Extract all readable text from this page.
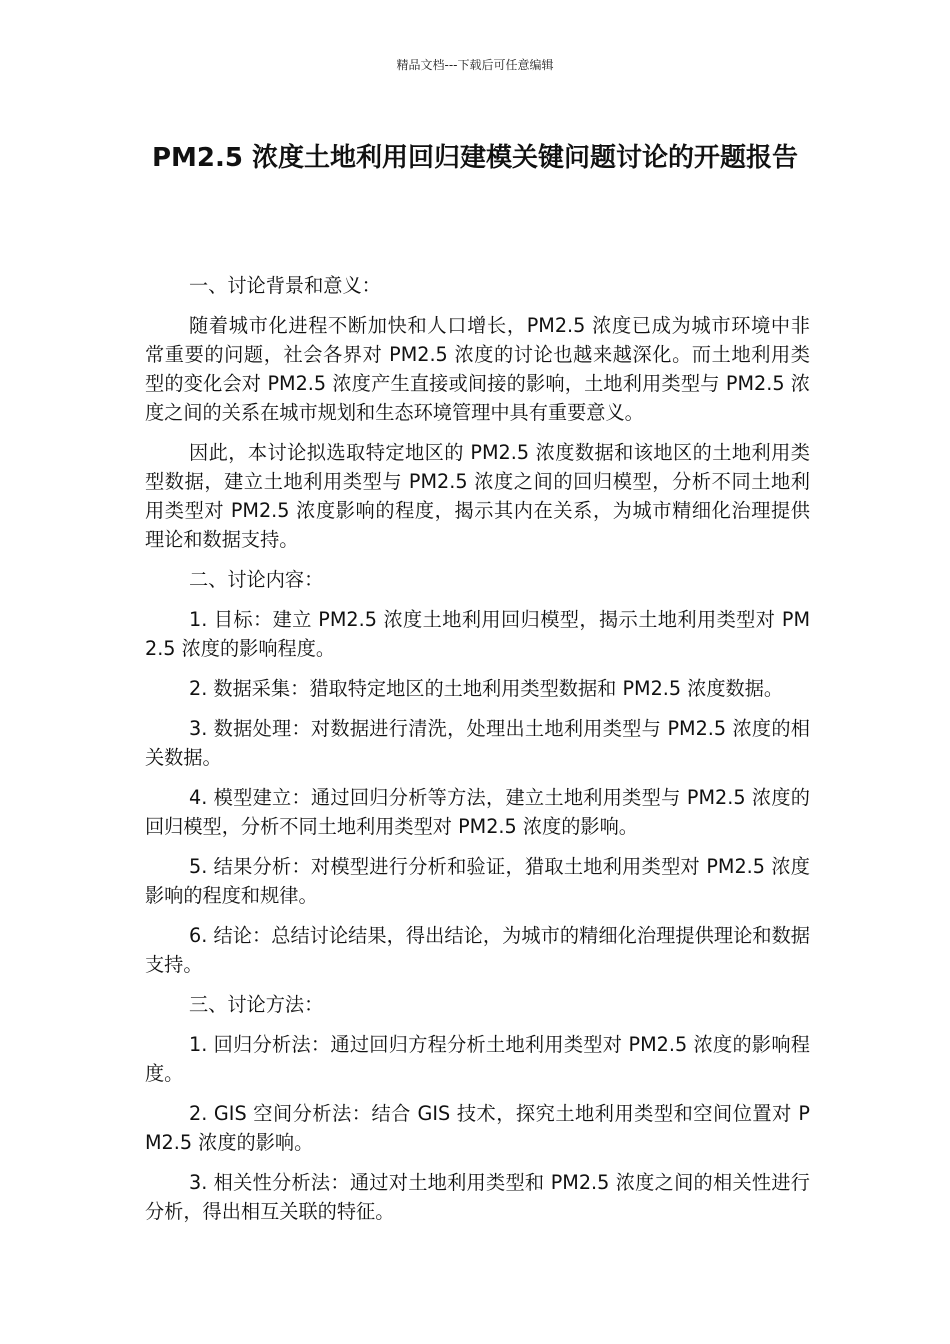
精品文档---下载后可任意编辑
PM2.5 浓度土地利用回归建模关键问题讨论的开题报告

一、讨论背景和意义：

随着城市化进程不断加快和人口增长，PM2.5 浓度已成为城市环境中非常重要的问题，社会各界对 PM2.5 浓度的讨论也越来越深化。而土地利用类型的变化会对 PM2.5 浓度产生直接或间接的影响，土地利用类型与 PM2.5 浓度之间的关系在城市规划和生态环境管理中具有重要意义。

因此，本讨论拟选取特定地区的 PM2.5 浓度数据和该地区的土地利用类型数据，建立土地利用类型与 PM2.5 浓度之间的回归模型，分析不同土地利用类型对 PM2.5 浓度影响的程度，揭示其内在关系，为城市精细化治理提供理论和数据支持。

二、讨论内容：

1. 目标：建立 PM2.5 浓度土地利用回归模型，揭示土地利用类型对 PM2.5 浓度的影响程度。

2. 数据采集：猎取特定地区的土地利用类型数据和 PM2.5 浓度数据。

3. 数据处理：对数据进行清洗，处理出土地利用类型与 PM2.5 浓度的相关数据。

4. 模型建立：通过回归分析等方法，建立土地利用类型与 PM2.5 浓度的回归模型，分析不同土地利用类型对 PM2.5 浓度的影响。

5. 结果分析：对模型进行分析和验证，猎取土地利用类型对 PM2.5 浓度影响的程度和规律。

6. 结论：总结讨论结果，得出结论，为城市的精细化治理提供理论和数据支持。

三、讨论方法：

1. 回归分析法：通过回归方程分析土地利用类型对 PM2.5 浓度的影响程度。

2. GIS 空间分析法：结合 GIS 技术，探究土地利用类型和空间位置对 PM2.5 浓度的影响。

3. 相关性分析法：通过对土地利用类型和 PM2.5 浓度之间的相关性进行分析，得出相互关联的特征。
